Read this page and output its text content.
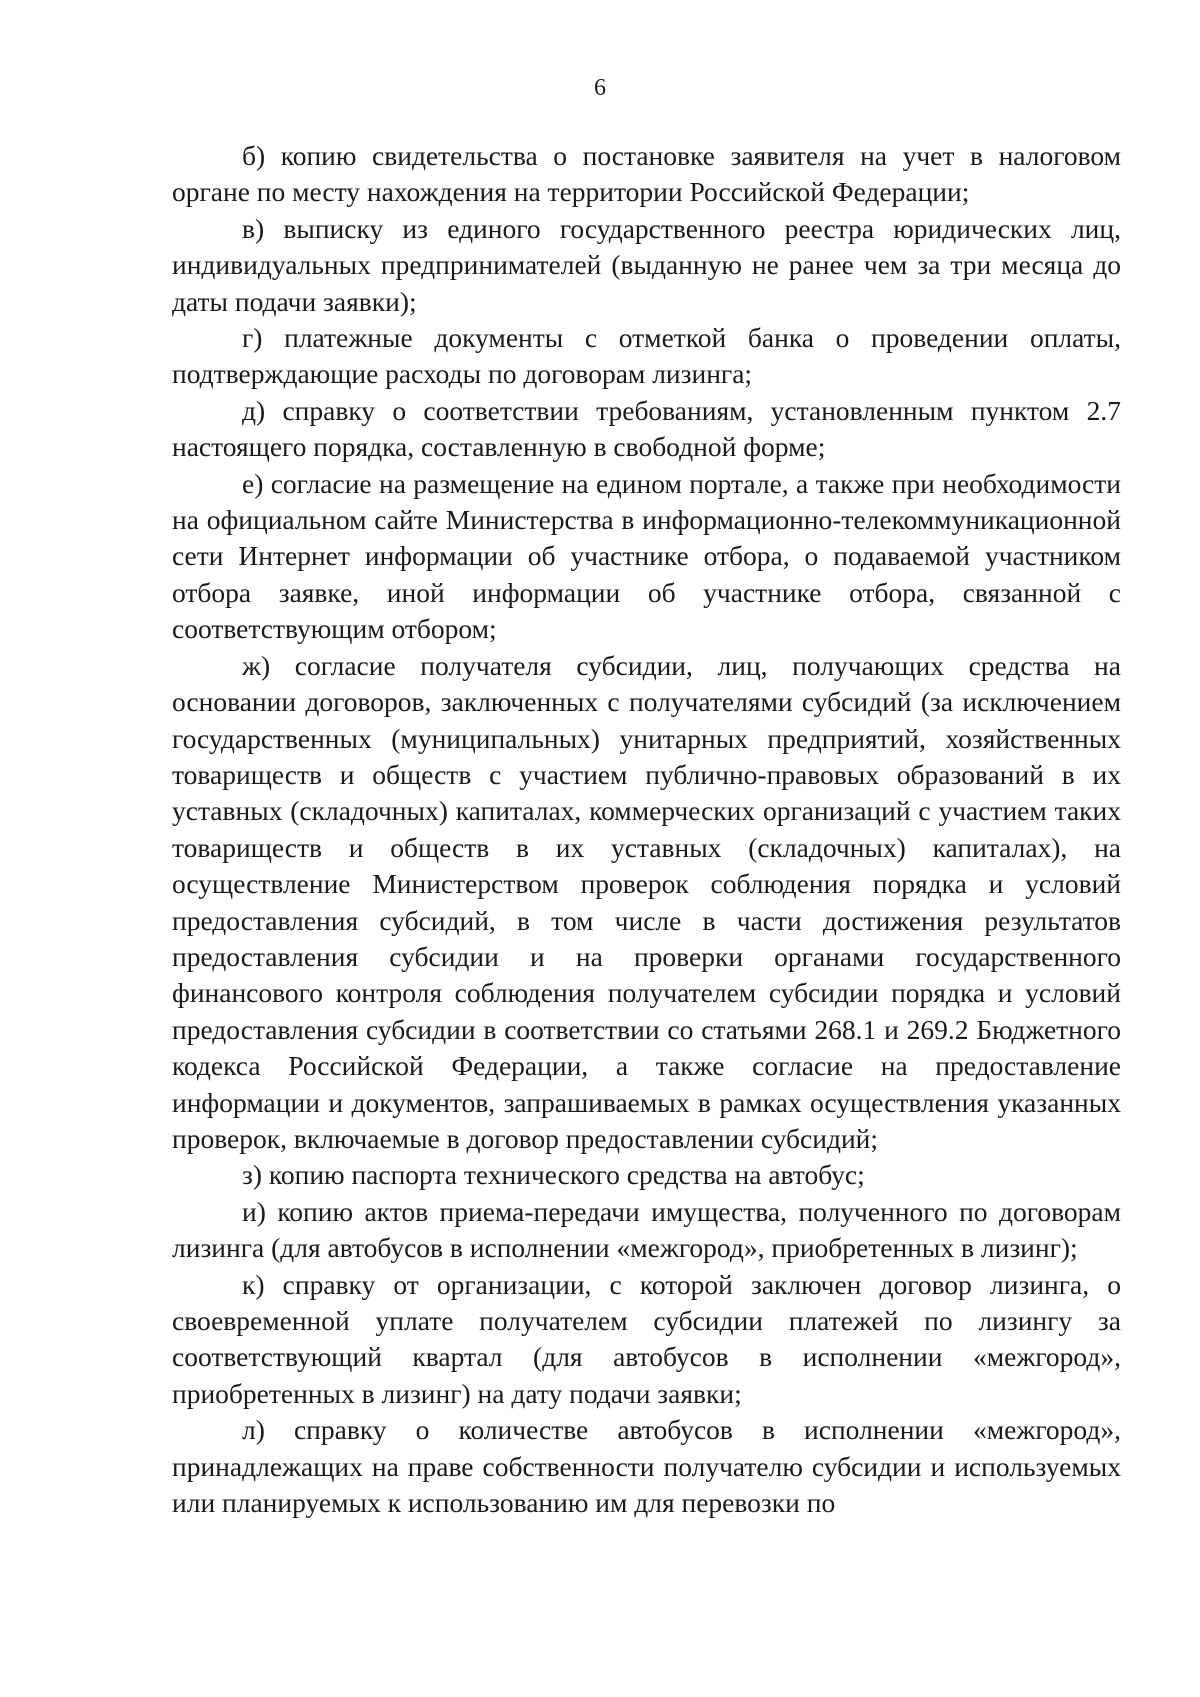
6

б) копию свидетельства о постановке заявителя на учет в налоговом органе по месту нахождения на территории Российской Федерации;

в) выписку из единого государственного реестра юридических лиц, индивидуальных предпринимателей (выданную не ранее чем за три месяца до даты подачи заявки);

г) платежные документы с отметкой банка о проведении оплаты, подтверждающие расходы по договорам лизинга;

д) справку о соответствии требованиям, установленным пунктом 2.7 настоящего порядка, составленную в свободной форме;

е) согласие на размещение на едином портале, а также при необходимости на официальном сайте Министерства в информационно-телекоммуникационной сети Интернет информации об участнике отбора, о подаваемой участником отбора заявке, иной информации об участнике отбора, связанной с соответствующим отбором;

ж) согласие получателя субсидии, лиц, получающих средства на основании договоров, заключенных с получателями субсидий (за исключением государственных (муниципальных) унитарных предприятий, хозяйственных товариществ и обществ с участием публично-правовых образований в их уставных (складочных) капиталах, коммерческих организаций с участием таких товариществ и обществ в их уставных (складочных) капиталах), на осуществление Министерством проверок соблюдения порядка и условий предоставления субсидий, в том числе в части достижения результатов предоставления субсидии и на проверки органами государственного финансового контроля соблюдения получателем субсидии порядка и условий предоставления субсидии в соответствии со статьями 268.1 и 269.2 Бюджетного кодекса Российской Федерации, а также согласие на предоставление информации и документов, запрашиваемых в рамках осуществления указанных проверок, включаемые в договор предоставлении субсидий;

з) копию паспорта технического средства на автобус;

и) копию актов приема-передачи имущества, полученного по договорам лизинга (для автобусов в исполнении «межгород», приобретенных в лизинг);

к) справку от организации, с которой заключен договор лизинга, о своевременной уплате получателем субсидии платежей по лизингу за соответствующий квартал (для автобусов в исполнении «межгород», приобретенных в лизинг) на дату подачи заявки;

л) справку о количестве автобусов в исполнении «межгород», принадлежащих на праве собственности получателю субсидии и используемых или планируемых к использованию им для перевозки по
